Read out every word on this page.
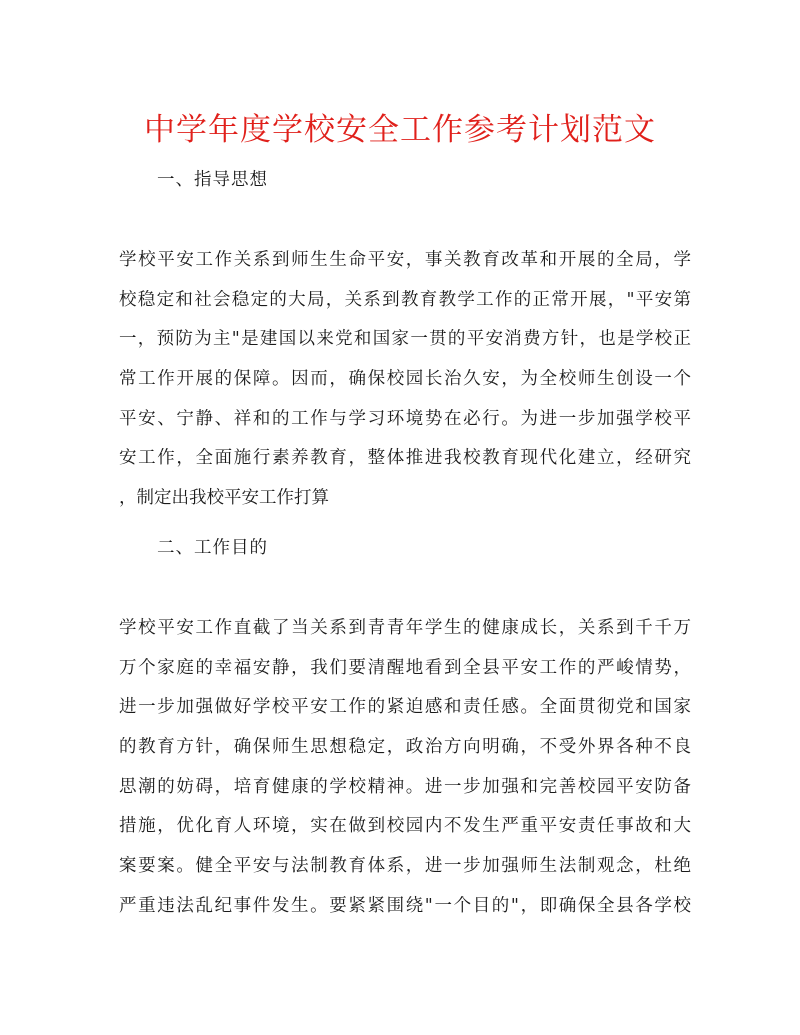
中学年度学校安全工作参考计划范文
一、指导思想
学校平安工作关系到师生生命平安，事关教育改革和开展的全局，学
校稳定和社会稳定的大局，关系到教育教学工作的正常开展，"平安第
一，预防为主"是建国以来党和国家一贯的平安消费方针，也是学校正
常工作开展的保障。因而，确保校园长治久安，为全校师生创设一个
平安、宁静、祥和的工作与学习环境势在必行。为进一步加强学校平
安工作，全面施行素养教育，整体推进我校教育现代化建立，经研究
，制定出我校平安工作打算
二、工作目的
学校平安工作直截了当关系到青青年学生的健康成长，关系到千千万
万个家庭的幸福安静，我们要清醒地看到全县平安工作的严峻情势，
进一步加强做好学校平安工作的紧迫感和责任感。全面贯彻党和国家
的教育方针，确保师生思想稳定，政治方向明确，不受外界各种不良
思潮的妨碍，培育健康的学校精神。进一步加强和完善校园平安防备
措施，优化育人环境，实在做到校园内不发生严重平安责任事故和大
案要案。健全平安与法制教育体系，进一步加强师生法制观念，杜绝
严重违法乱纪事件发生。要紧紧围绕"一个目的"，即确保全县各学校
